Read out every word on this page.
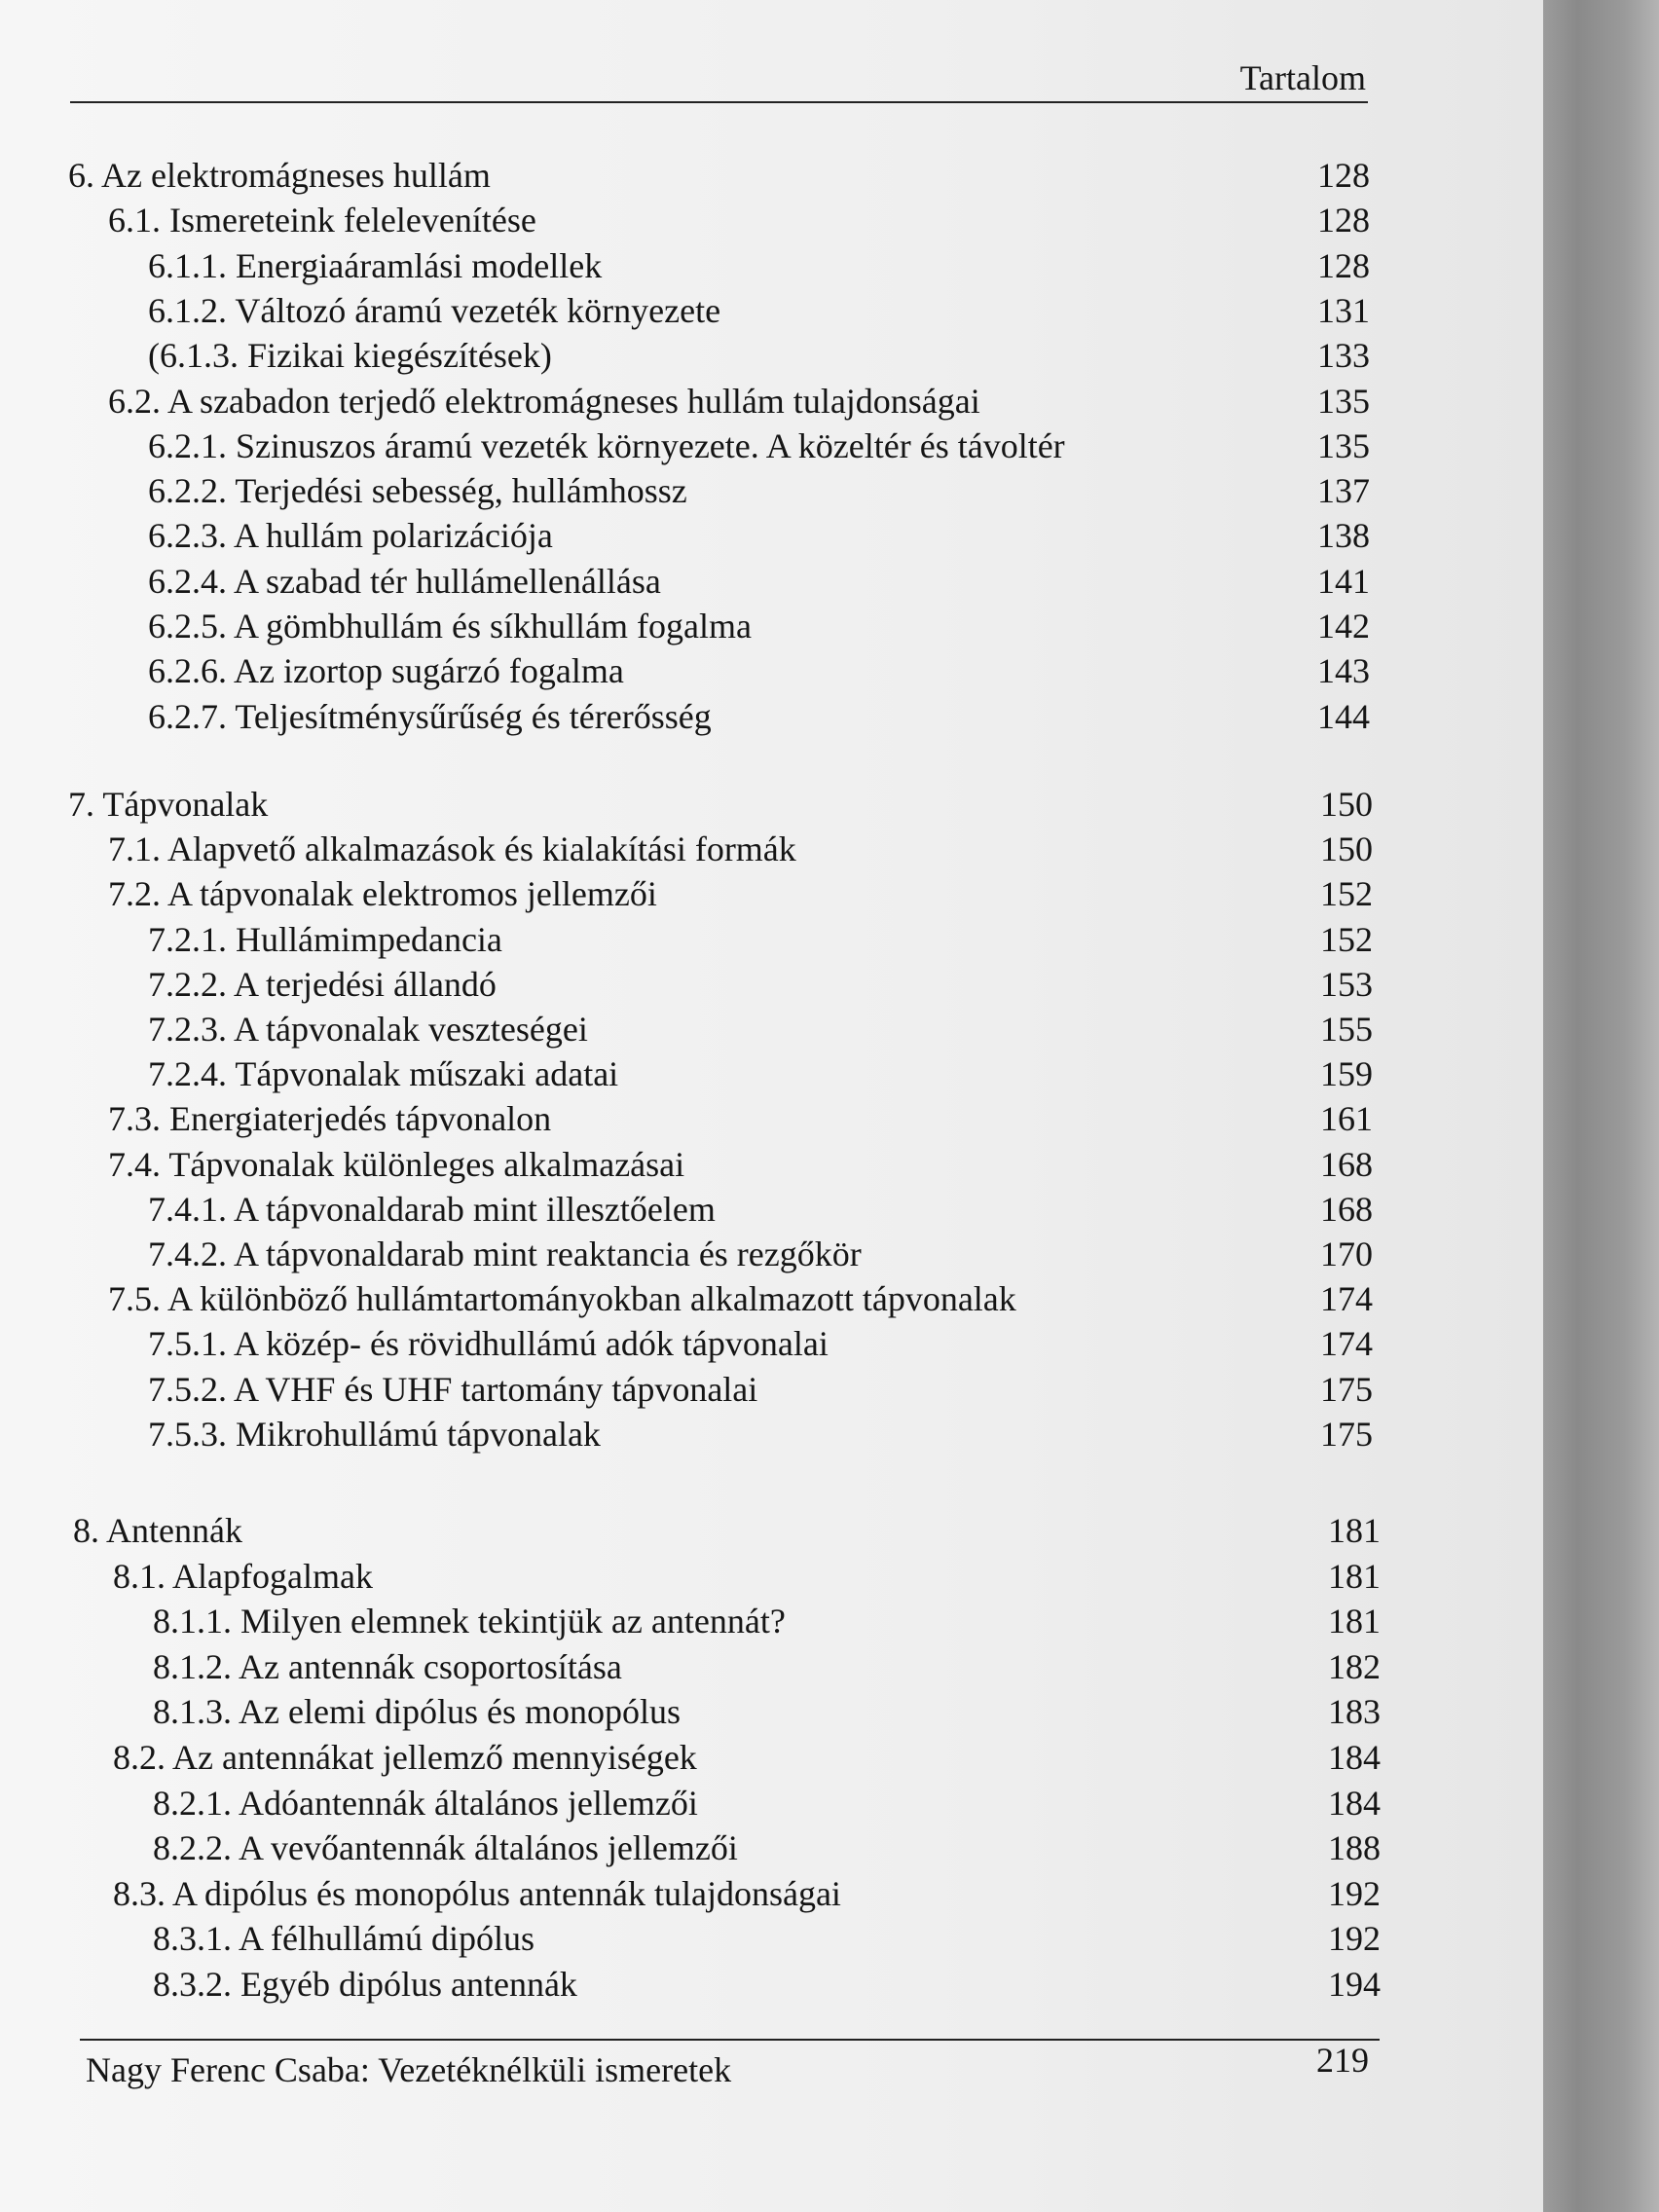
Tartalom
6. Az elektromágneses hullám	128
6.1. Ismereteink felelevenítése	128
6.1.1. Energiaáramlási modellek	128
6.1.2. Változó áramú vezeték környezete	131
(6.1.3. Fizikai kiegészítések)	133
6.2. A szabadon terjedő elektromágneses hullám tulajdonságai	135
6.2.1. Szinuszos áramú vezeték környezete. A közeltér és távoltér	135
6.2.2. Terjedési sebesség, hullámhossz	137
6.2.3. A hullám polarizációja	138
6.2.4. A szabad tér hullámellenállása	141
6.2.5. A gömbhullám és síkhullám fogalma	142
6.2.6. Az izortop sugárzó fogalma	143
6.2.7. Teljesítménysűrűség és térerősség	144
7. Tápvonalak	150
7.1. Alapvető alkalmazások és kialakítási formák	150
7.2. A tápvonalak elektromos jellemzői	152
7.2.1. Hullámimpedancia	152
7.2.2. A terjedési állandó	153
7.2.3. A tápvonalak veszteségei	155
7.2.4. Tápvonalak műszaki adatai	159
7.3. Energiaterjedés tápvonalon	161
7.4. Tápvonalak különleges alkalmazásai	168
7.4.1. A tápvonaldarab mint illesztőelem	168
7.4.2. A tápvonaldarab mint reaktancia és rezgőkör	170
7.5. A különböző hullámtartományokban alkalmazott tápvonalak	174
7.5.1. A közép- és rövidhullámú adók tápvonalai	174
7.5.2. A VHF és UHF tartomány tápvonalai	175
7.5.3. Mikrohullámú tápvonalak	175
8. Antennák	181
8.1. Alapfogalmak	181
8.1.1. Milyen elemnek tekintjük az antennát?	181
8.1.2. Az antennák csoportosítása	182
8.1.3. Az elemi dipólus és monopólus	183
8.2. Az antennákat jellemző mennyiségek	184
8.2.1. Adóantennák általános jellemzői	184
8.2.2. A vevőantennák általános jellemzői	188
8.3. A dipólus és monopólus antennák tulajdonságai	192
8.3.1. A félhullámú dipólus	192
8.3.2. Egyéb dipólus antennák	194
Nagy Ferenc Csaba: Vezetéknélküli ismeretek	219
